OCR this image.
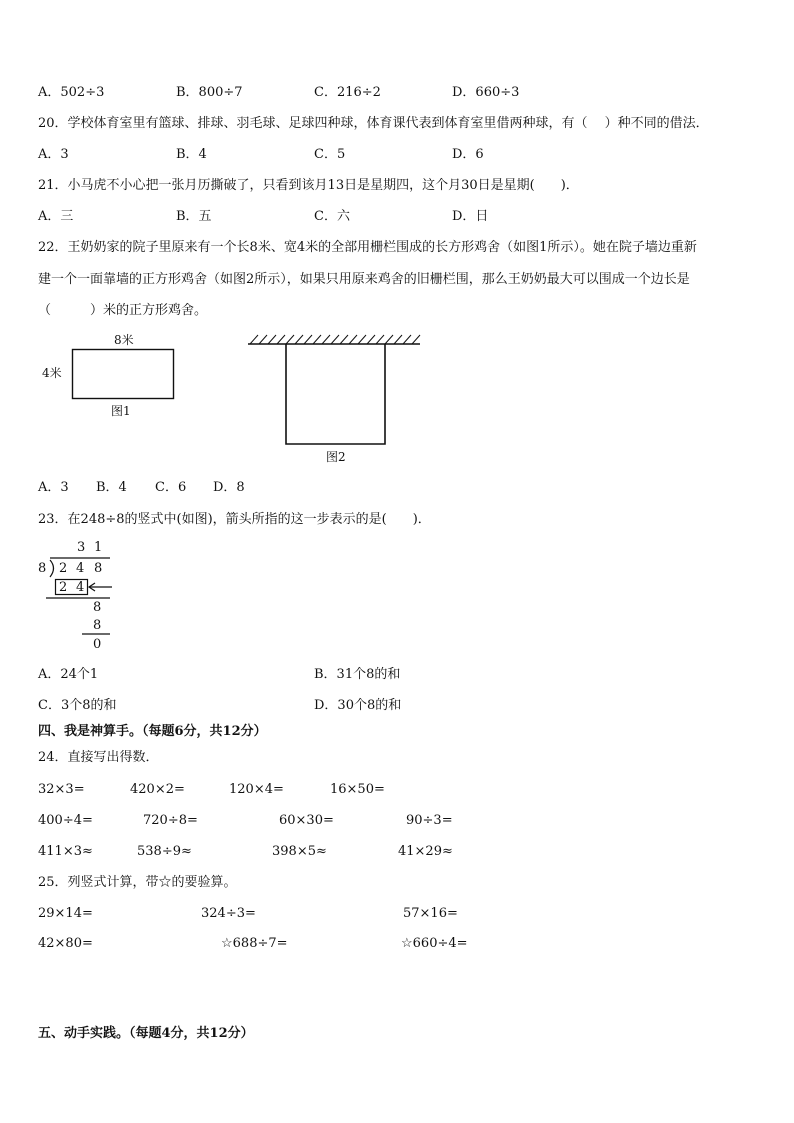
A．502÷3	B．800÷7	C．216÷2	D．660÷3
20．学校体育室里有篮球、排球、羽毛球、足球四种球，体育课代表到体育室里借两种球，有（　 ）种不同的借法．
A．3	B．4	C．5	D．6
21．小马虎不小心把一张月历撕破了，只看到该月13日是星期四，这个月30日是星期(　　)．
A．三	B．五	C．六	D．日
22．王奶奶家的院子里原来有一个长8米、宽4米的全部用栅栏围成的长方形鸡舍（如图1所示）。她在院子墙边重新
建一个一面靠墙的正方形鸡舍（如图2所示），如果只用原来鸡舍的旧栅栏围，那么王奶奶最大可以围成一个边长是
（　　　）米的正方形鸡舍。
8米
4米
图1
图2
A．3 B．4 C．6 D．8
23．在248÷8的竖式中(如图)，箭头所指的这一步表示的是(　　)．
3 1
8 2 4 8
2 4
8
8
0
A．24个1	B．31个8的和
C．3个8的和	D．30个8的和
四、我是神算手。（每题6分，共12分）
24．直接写出得数．
32×3=	420×2=	120×4=	16×50=
400÷4=	720÷8=	60×30=	90÷3=
411×3≈	538÷9≈	398×5≈	41×29≈
25．列竖式计算，带☆的要验算。
29×14=	324÷3=	57×16=
42×80=	☆688÷7=	☆660÷4=
五、动手实践。（每题4分，共12分）
